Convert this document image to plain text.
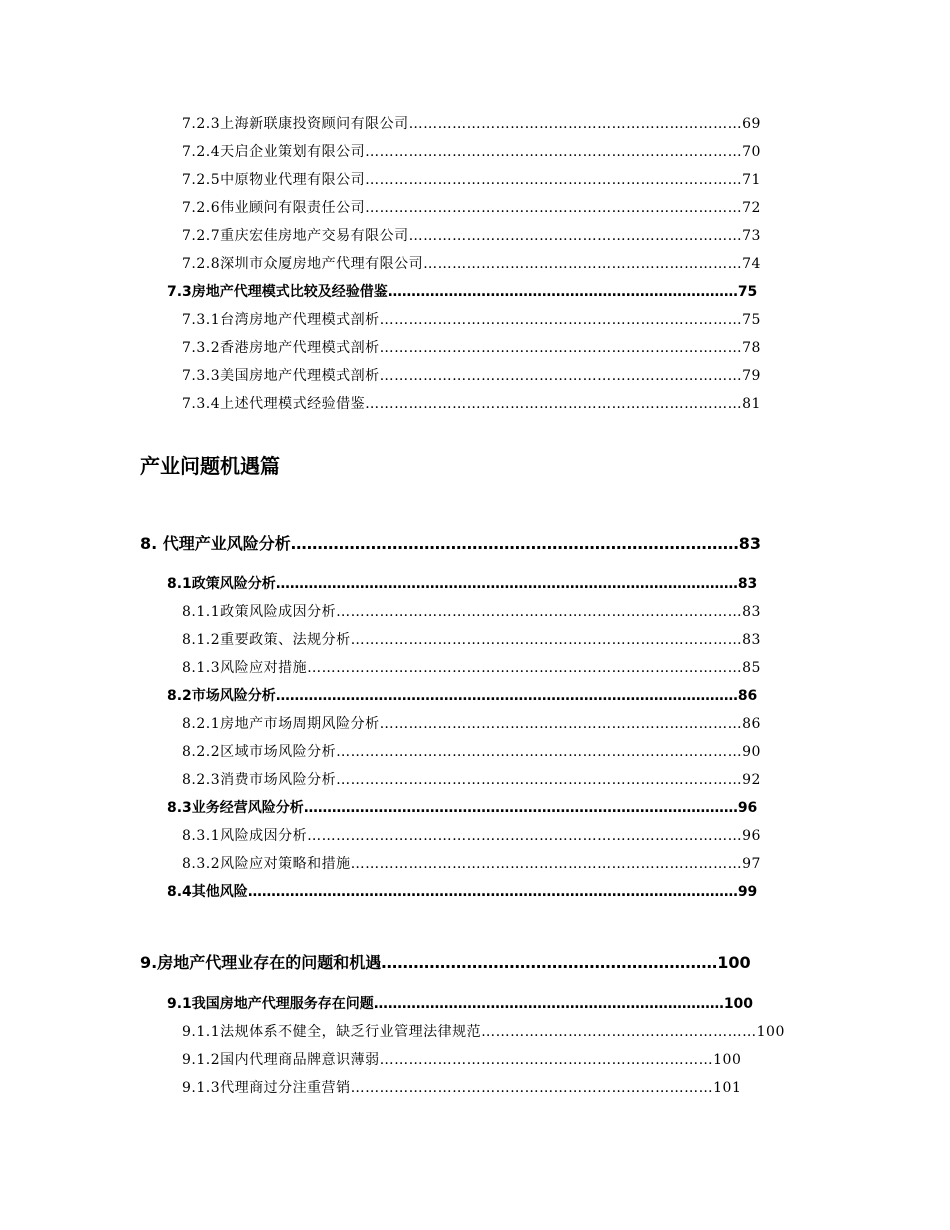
产业问题机遇篇
7.2.3上海新联康投资顾问有限公司……………………………………………………………69
7.2.4天启企业策划有限公司……………………………………………………………………70
7.2.5中原物业代理有限公司……………………………………………………………………71
7.2.6伟业顾问有限责任公司……………………………………………………………………72
7.2.7重庆宏佳房地产交易有限公司……………………………………………………………73
7.2.8深圳市众厦房地产代理有限公司…………………………………………………………74
7.3房地产代理模式比较及经验借鉴…………………………………………………………………75
7.3.1台湾房地产代理模式剖析…………………………………………………………………75
7.3.2香港房地产代理模式剖析…………………………………………………………………78
7.3.3美国房地产代理模式剖析…………………………………………………………………79
7.3.4上述代理模式经验借鉴……………………………………………………………………81
8. 代理产业风险分析…………………………………………………………………………83
8.1政策风险分析………………………………………………………………………………………83
8.1.1政策风险成因分析…………………………………………………………………………83
8.1.2重要政策、法规分析………………………………………………………………………83
8.1.3风险应对措施………………………………………………………………………………85
8.2市场风险分析………………………………………………………………………………………86
8.2.1房地产市场周期风险分析…………………………………………………………………86
8.2.2区域市场风险分析…………………………………………………………………………90
8.2.3消费市场风险分析…………………………………………………………………………92
8.3业务经营风险分析…………………………………………………………………………………96
8.3.1风险成因分析………………………………………………………………………………96
8.3.2风险应对策略和措施………………………………………………………………………97
8.4其他风险……………………………………………………………………………………………99
9.房地产代理业存在的问题和机遇………………………………………………………100
9.1我国房地产代理服务存在问题…………………………………………………………………100
9.1.1法规体系不健全，缺乏行业管理法律规范…………………………………………………100
9.1.2国内代理商品牌意识薄弱……………………………………………………………100
9.1.3代理商过分注重营销…………………………………………………………………101
